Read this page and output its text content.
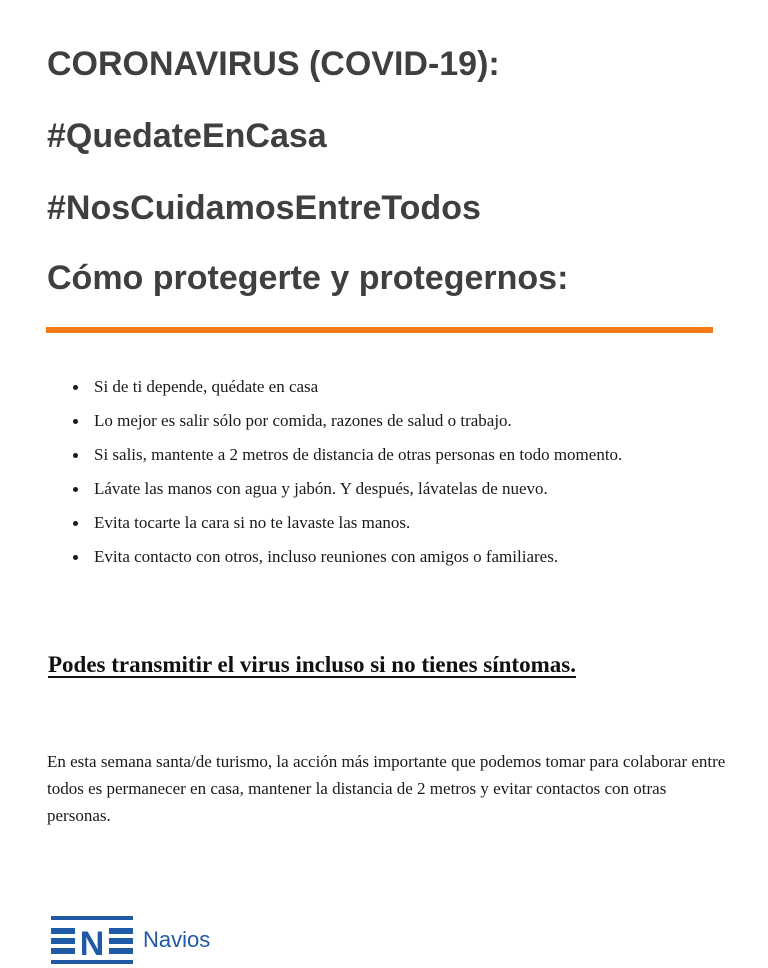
CORONAVIRUS (COVID-19):
#QuedateEnCasa
#NosCuidamosEntreTodos
Cómo protegerte y protegernos:
Si de ti depende, quédate en casa
Lo mejor es salir sólo por comida, razones de salud o trabajo.
Si salis, mantente a 2 metros de distancia de otras personas en todo momento.
Lávate las manos con agua y jabón. Y después, lávatelas de nuevo.
Evita tocarte la cara si no te lavaste las manos.
Evita contacto con otros, incluso reuniones con amigos o familiares.
Podes transmitir el virus incluso si no tienes síntomas.

En esta semana santa/de turismo, la acción más importante que podemos tomar para colaborar entre todos es permanecer en casa, mantener la distancia de 2 metros y evitar contactos con otras personas.

N Navios
